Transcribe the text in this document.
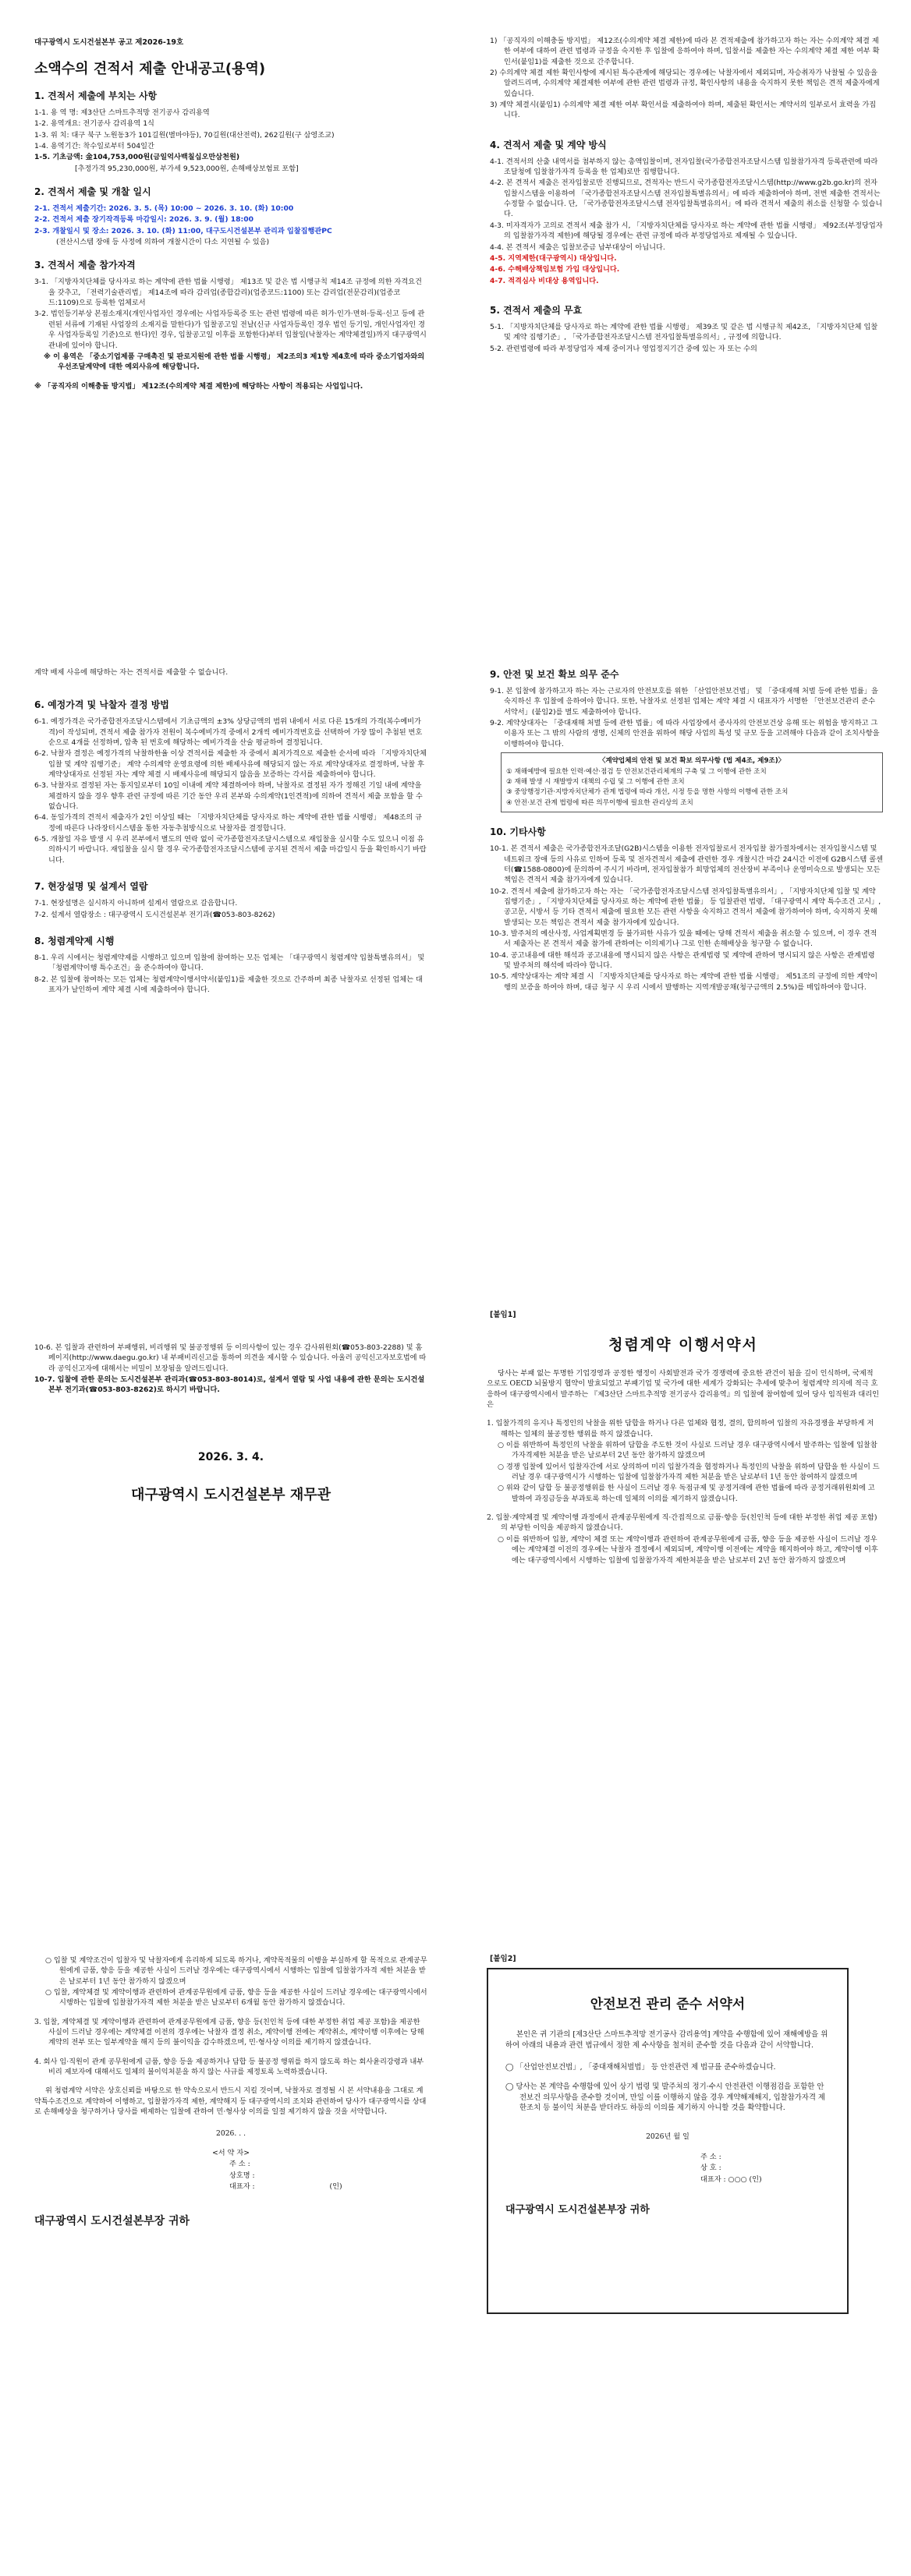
대구광역시 도시건설본부 공고 제2026-19호
소액수의 견적서 제출 안내공고(용역)
1. 견적서 제출에 부치는 사항
1-1. 용 역 명: 제3산단 스마트추적망 전기공사 감리용역
1-2. 용역개요: 전기공사 감리용역 1식
1-3. 위 치: 대구 북구 노원동3가 101길원(별마야등), 70길원(대산전력), 262길원(구 삼영조교)
1-4. 용역기간: 착수일로부터 504일간
1-5. 기초금액: 金104,753,000원(금일억사백칠십오만삼천원)
[추정가격 95,230,000원, 부가세 9,523,000원, 손해배상보험료 포함]
2. 견적서 제출 및 개찰 일시
2-1. 견적서 제출기간: 2026. 3. 5. (목) 10:00 ~ 2026. 3. 10. (화) 10:00
2-2. 견적서 제출 장기작격등록 마감일시: 2026. 3. 9. (월) 18:00
2-3. 개찰일시 및 장소: 2026. 3. 10. (화) 11:00, 대구도시건설본부 관리과 입찰집행관PC
(전산시스템 장애 등 사정에 의하여 개찰시간이 다소 지연될 수 있음)
3. 견적서 제출 참가자격
3-1. 「지방자치단체를 당사자로 하는 계약에 관한 법률 시행령」 제13조 및 같은 법 시행규칙 제14조 규정에 의한 자격요건을 갖추고, 「전력기술관리법」 제14조에 따라 감리업(종합감리)(업종코드:1100) 또는 감리업(전문감리)(업종코드:1109)으로 등록한 업체로서
3-2. 법인등기부상 본점소재지(개인사업자인 경우에는 사업자등록증 또는 관련 법령에 따른 허가·인가·면허·등록·신고 등에 관련된 서류에 기재된 사업장의 소재지를 말한다)가 입찰공고일 전날(신규 사업자등록인 경우 법인 등기일, 개인사업자인 경우 사업자등록일 기준)으로 한다)인 경우, 입찰공고일 이후를 포함한다)부터 입찰일(낙찰자는 계약체결일)까지 대구광역시 관내에 있어야 합니다.
※ 이 용역은 「중소기업제품 구매촉진 및 판로지원에 관한 법률 시행령」 제2조의3 제1항 제4호에 따라 중소기업자와의 우선조달계약에 대한 예외사유에 해당합니다.
※ 「공직자의 이해충돌 방지법」 제12조(수의계약 체결 제한)에 해당하는 사항이 적용되는 사업입니다.
1) 「공직자의 이해충돌 방지법」 제12조(수의계약 체결 제한)에 따라 본 견적제출에 참가하고자 하는 자는 수의계약 체결 제한 여부에 대하여 관련 법령과 규정을 숙지한 후 입찰에 응하여야 하며, 입찰서를 제출한 자는 수의계약 체결 제한 여부 확인서(붙임1)를 제출한 것으로 간주합니다.
2) 수의계약 체결 제한 확인사항에 제시된 특수관계에 해당되는 경우에는 낙찰자에서 제외되며, 자승취자가 낙찰될 수 있음을 알려드리며, 수의계약 체결제한 여부에 관한 관련 법령과 규정, 확인사항의 내용을 숙지하지 못한 책임은 견적 제출자에게 있습니다.
3) 계약 체결시(붙임1) 수의계약 체결 제한 여부 확인서를 제출하여야 하며, 제출된 확인서는 계약서의 일부로서 효력을 가집니다.
4. 견적서 제출 및 계약 방식
4-1. 견적서의 산출 내역서를 첨부하지 않는 총액입찰이며, 전자입찰(국가종합전자조달시스템 입찰참가자격 등록관련에 따라 조달청에 입찰참가자격 등록을 한 업체)로만 집행합니다.
4-2. 본 견적서 제출은 전자입찰로만 진행되므로, 견적자는 반드시 국가종합전자조달시스템(http://www.g2b.go.kr)의 전자입찰시스템을 이용하여 「국가종합전자조달시스템 전자입찰특별유의서」에 따라 제출하여야 하며, 전번 제출한 견적서는 수정할 수 없습니다. 단, 「국가종합전자조달시스템 전자입찰특별유의서」에 따라 견적서 제출의 취소를 신청할 수 있습니다.
4-3. 미자격자가 고의로 견적서 제출 참가 시, 「지방자치단체를 당사자로 하는 계약에 관한 법률 시행령」 제92조(부정당업자의 입찰참가자격 제한)에 해당될 경우에는 관련 규정에 따라 부정당업자로 제재될 수 있습니다.
4-4. 본 견적서 제출은 입찰보증금 납부대상이 아닙니다.
4-5. 지역제한(대구광역시) 대상입니다.
4-6. 수해배상책임보험 가입 대상입니다.
4-7. 적격심사 비대상 용역입니다.
5. 견적서 제출의 무효
5-1. 「지방자치단체를 당사자로 하는 계약에 관한 법률 시행령」 제39조 및 같은 법 시행규칙 제42조, 「지방자치단체 입찰 및 계약 집행기준」, 「국가종합전자조달시스템 전자입찰특별유의서」, 규정에 의합니다.
5-2. 관련법령에 따라 부정당업자 제재 중이거나 영업정지기간 중에 있는 자 또는 수의
계약 배제 사유에 해당하는 자는 견적서를 제출할 수 없습니다.
6. 예정가격 및 낙찰자 결정 방법
6-1. 예정가격은 국가종합전자조달시스템에서 기초금액의 ±3% 상당금액의 범위 내에서 서로 다른 15개의 가격(복수예비가격)이 작성되며, 견적서 제출 참가자 전원이 복수예비가격 중에서 2개씩 예비가격번호를 선택하여 가장 많이 추첨된 번호 순으로 4개를 선정하며, 압축 된 번호에 해당하는 예비가격을 산술 평균하여 결정됩니다.
6-2. 낙찰자 결정은 예정가격의 낙찰하한율 이상 견적서를 제출한 자 중에서 최저가격으로 제출한 순서에 따라 「지방자치단체 입찰 및 계약 집행기준」 계약 수의계약 운영요령에 의한 배제사유에 해당되지 않는 자로 계약상대자로 결정하며, 낙찰 후 계약상대자로 선정된 자는 계약 체결 시 배제사유에 해당되지 않음을 보증하는 각서를 제출하여야 합니다.
6-3. 낙찰자로 결정된 자는 통지일로부터 10일 이내에 계약 체결하여야 하며, 낙찰자로 결정된 자가 정해진 기일 내에 계약을 체결하지 않을 경우 향후 관련 규정에 따른 기간 동안 우리 본부와 수의계약(1인견적)에 의하여 견적서 제출 포함을 할 수 없습니다.
6-4. 동일가격의 견적서 제출자가 2인 이상일 때는 「지방자치단체를 당사자로 하는 계약에 관한 법률 시행령」 제48조의 규정에 따른다 나라장터시스템을 통한 자동추첨방식으로 낙찰자를 결정합니다.
6-5. 개찰일 자유 발생 시 우리 본부에서 별도의 연락 없이 국가종합전자조달시스템으로 재입찰을 실시할 수도 있으니 이점 유의하시기 바랍니다. 재입찰을 실시 할 경우 국가종합전자조달시스템에 공지된 견적서 제출 마감일시 등을 확인하시기 바랍니다.
7. 현장설명 및 설계서 열람
7-1. 현장설명은 실시하지 아니하며 설계서 열람으로 갈음합니다.
7-2. 설계서 열람장소 : 대구광역시 도시건설본부 전기과(☎053-803-8262)
8. 청렴계약제 시행
8-1. 우리 시에서는 청렴계약제를 시행하고 있으며 입찰에 참여하는 모든 업체는 「대구광역시 청렴계약 입찰특별유의서」 및 「청렴계약이행 특수조건」을 준수하여야 합니다.
8-2. 본 입찰에 참여하는 모든 업체는 청렴계약이행서약서(붙임1)를 제출한 것으로 간주하며 최종 낙찰자로 선정된 업체는 대표자가 날인하여 계약 체결 시에 제출하여야 합니다.
9. 안전 및 보건 확보 의무 준수
9-1. 본 입찰에 참가하고자 하는 자는 근로자의 안전보호를 위한 「산업안전보건법」 및 「중대재해 처벌 등에 관한 법률」을 숙지하신 후 입찰에 응하여야 합니다. 또한, 낙찰자로 선정된 업체는 계약 체결 시 대표자가 서명한 「안전보건관리 준수 서약서」(붙임2)를 별도 제출하여야 합니다.
9-2. 계약상대자는 「중대재해 처벌 등에 관한 법률」에 따라 사업장에서 종사자의 안전보건상 유해 또는 위험을 방지하고 그 이용자 또는 그 밖의 사람의 생명, 신체의 안전을 위하여 해당 사업의 특성 및 규모 등을 고려해야 다음과 같이 조치사항을 이행하여야 합니다.
〈계약업체의 안전 및 보건 확보 의무사항 (법 제4조, 제9조)〉
① 재해예방에 필요한 인력·예산·점검 등 안전보건관리체계의 구축 및 그 이행에 관한 조치
② 재해 발생 시 재발방지 대책의 수립 및 그 이행에 관한 조치
③ 중앙행정기관·지방자치단체가 관계 법령에 따라 개선, 시정 등을 명한 사항의 이행에 관한 조치
④ 안전·보건 관계 법령에 따른 의무이행에 필요한 관리상의 조치
10. 기타사항
10-1. 본 견적서 제출은 국가종합전자조달(G2B)시스템을 이용한 전자입찰로서 전자입찰 참가절차에서는 전자입찰시스템 및 네트워크 장애 등의 사유로 인하여 등록 및 전자견적서 제출에 관련한 경우 개찰시간 마감 24시간 이전에 G2B시스템 콜센터(☎1588-0800)에 문의하여 주시기 바라며, 전자입찰참가 희망업체의 전산장비 부족이나 운영미숙으로 발생되는 모든 책임은 견적서 제출 참가자에게 있습니다.
10-2. 견적서 제출에 참가하고자 하는 자는 「국가종합전자조달시스템 전자입찰특별유의서」, 「지방자치단체 입찰 및 계약 집행기준」, 「지방자치단체를 당사자로 하는 계약에 관한 법률」 등 입찰관련 법령, 「대구광역시 계약 특수조건 고시」, 공고문, 시방서 등 기타 견적서 제출에 필요한 모든 관련 사항을 숙지하고 견적서 제출에 참가하여야 하며, 숙지하지 못해 발생되는 모든 책임은 견적서 제출 참가자에게 있습니다.
10-3. 발주처의 예산사정, 사업계획변경 등 불가피한 사유가 있을 때에는 당해 견적서 제출을 취소할 수 있으며, 이 경우 견적서 제출자는 본 견적서 제출 참가에 관하여는 이의제기나 그로 인한 손해배상을 청구할 수 없습니다.
10-4. 공고내용에 대한 해석과 공고내용에 명시되지 않은 사항은 관계법령 및 계약에 관하여 명시되지 않은 사항은 관계법령 및 발주처의 해석에 따라야 합니다.
10-5. 계약상대자는 계약 체결 시 「지방자치단체를 당사자로 하는 계약에 관한 법률 시행령」 제51조의 규정에 의한 계약이행의 보증을 하여야 하며, 대금 청구 시 우리 시에서 발행하는 지역개발공채(청구금액의 2.5%)를 매입하여야 합니다.
10-6. 본 입찰과 관련하여 부패행위, 비리행위 및 불공정행위 등 이의사항이 있는 경우 감사위원회(☎053-803-2288) 및 홈페이지(http://www.daegu.go.kr) 내 부패비리신고를 통하여 의견을 제시할 수 있습니다. 아울러 공익신고자보호법에 따라 공익신고자에 대해서는 비밀이 보장됨을 알려드립니다.
10-7. 입찰에 관한 문의는 도시건설본부 관리과(☎053-803-8014)로, 설계서 열람 및 사업 내용에 관한 문의는 도시건설본부 전기과(☎053-803-8262)로 하시기 바랍니다.
2026. 3. 4.
대구광역시 도시건설본부 재무관
[붙임1]
청렴계약 이행서약서
당사는 부패 없는 투명한 기업경영과 공정한 행정이 사회발전과 국가 경쟁력에 중요한 관건이 됨을 깊이 인식하며, 국제적으로도 OECD 뇌물방지 협약이 발효되었고 부패기업 및 국가에 대한 세계가 강화되는 추세에 맞추어 청렴계약 의지에 적극 호응하여 대구광역시에서 발주하는 『제3산단 스마트추적망 전기공사 감리용역』의 입찰에 참여함에 있어 당사 임직원과 대리인은
1. 입찰가격의 유지나 특정인의 낙찰을 위한 담합을 하거나 다른 업체와 협정, 결의, 합의하여 입찰의 자유경쟁을 부당하게 저해하는 일체의 불공정한 행위를 하지 않겠습니다.
○ 이를 위반하여 특정인의 낙찰을 위하여 담합을 주도한 것이 사실로 드러날 경우 대구광역시에서 발주하는 입찰에 입찰참가자격제한 처분을 받은 날로부터 2년 동안 참가하지 않겠으며
○ 경쟁 입찰에 있어서 입찰자간에 서로 상의하여 미리 입찰가격을 협정하거나 특정인의 낙찰을 위하여 담합을 한 사실이 드러날 경우 대구광역시가 시행하는 입찰에 입찰참가자격 제한 처분을 받은 날로부터 1년 동안 참여하지 않겠으며
○ 위와 같이 담합 등 불공정행위를 한 사실이 드러날 경우 독점규제 및 공정거래에 관한 법률에 따라 공정거래위원회에 고발하여 과징금등을 부과토록 하는데 일체의 이의를 제기하지 않겠습니다.
2. 입찰·계약체결 및 계약이행 과정에서 관계공무원에게 직·간접적으로 금품·향응 등(친인척 등에 대한 부정한 취업 제공 포함)의 부당한 이익을 제공하지 않겠습니다.
○ 이를 위반하여 입찰, 계약이 체결 또는 계약이행과 관련하여 관계공무원에게 금품, 향응 등을 제공한 사실이 드러날 경우에는 계약체결 이전의 경우에는 낙찰자 결정에서 제외되며, 계약이행 이전에는 계약을 해지하여야 하고, 계약이행 이후에는 대구광역시에서 시행하는 입찰에 입찰참가자격 제한처분을 받은 날로부터 2년 동안 참가하지 않겠으며
○ 입찰 및 계약조건이 입찰자 및 낙찰자에게 유리하게 되도록 하거나, 계약목적물의 이행을 부실하게 할 목적으로 관계공무원에게 금품, 향응 등을 제공한 사실이 드러날 경우에는 대구광역시에서 시행하는 입찰에 입찰참가자격 제한 처분을 받은 날로부터 1년 동안 참가하지 않겠으며
○ 입찰, 계약체결 및 계약이행과 관련하여 관계공무원에게 금품, 향응 등을 제공한 사실이 드러날 경우에는 대구광역시에서 시행하는 입찰에 입찰참가자격 제한 처분을 받은 날로부터 6개월 동안 참가하지 않겠습니다.
3. 입찰, 계약체결 및 계약이행과 관련하여 관계공무원에게 금품, 향응 등(친인척 등에 대한 부정한 취업 제공 포함)을 제공한 사실이 드러날 경우에는 계약체결 이전의 경우에는 낙찰자 결정 취소, 계약이행 전에는 계약취소, 계약이행 이후에는 당해 계약의 전부 또는 일부계약을 해지 등의 불이익을 감수하겠으며, 민·형사상 이의를 제기하지 않겠습니다.
4. 회사 임·직원이 관계 공무원에게 금품, 향응 등을 제공하거나 담합 등 불공정 행위를 하지 않도록 하는 회사윤리강령과 내부비리 제보자에 대해서도 일체의 불이익처분을 하지 않는 사규를 제정토록 노력하겠습니다.
위 청렴계약 서약은 상호신뢰를 바탕으로 한 약속으로서 반드시 지킬 것이며, 낙찰자로 결정될 시 본 서약내용을 그대로 계약특수조건으로 계약하여 이행하고, 입찰참가자격 제한, 계약해지 등 대구광역시의 조치와 관련하여 당사가 대구광역시를 상대로 손해배상을 청구하거나 당사를 배제하는 입찰에 관하여 민·형사상 이의를 일절 제기하지 않을 것을 서약합니다.
2026. . .
<서 약 자>
주 소 :
상호명 :
대표자 :	(인)
대구광역시 도시건설본부장 귀하
[붙임2]
안전보건 관리 준수 서약서
본인은 귀 기관의 [제3산단 스마트추적망 전기공사 감리용역] 계약을 수행함에 있어 재해예방을 위하여 아래의 내용과 관련 법규에서 정한 제 수사항을 철저히 준수할 것을 다음과 같이 서약합니다.
◯ 「산업안전보건법」, 「중대재해처벌법」 등 안전관련 제 법규를 준수하겠습니다.
◯ 당사는 본 계약을 수행함에 있어 상기 법령 및 발주처의 정기·수시 안전관련 이행점검을 포함한 안전보건 의무사항을 준수할 것이며, 만일 이를 이행하지 않을 경우 계약해제해지, 입찰참가자격 제한조치 등 불이익 처분을 받더라도 하등의 이의를 제기하지 아니할 것을 확약합니다.
2026년 월 일
주 소 :
상 호 :
대표자 : ○○○ (인)
대구광역시 도시건설본부장 귀하
